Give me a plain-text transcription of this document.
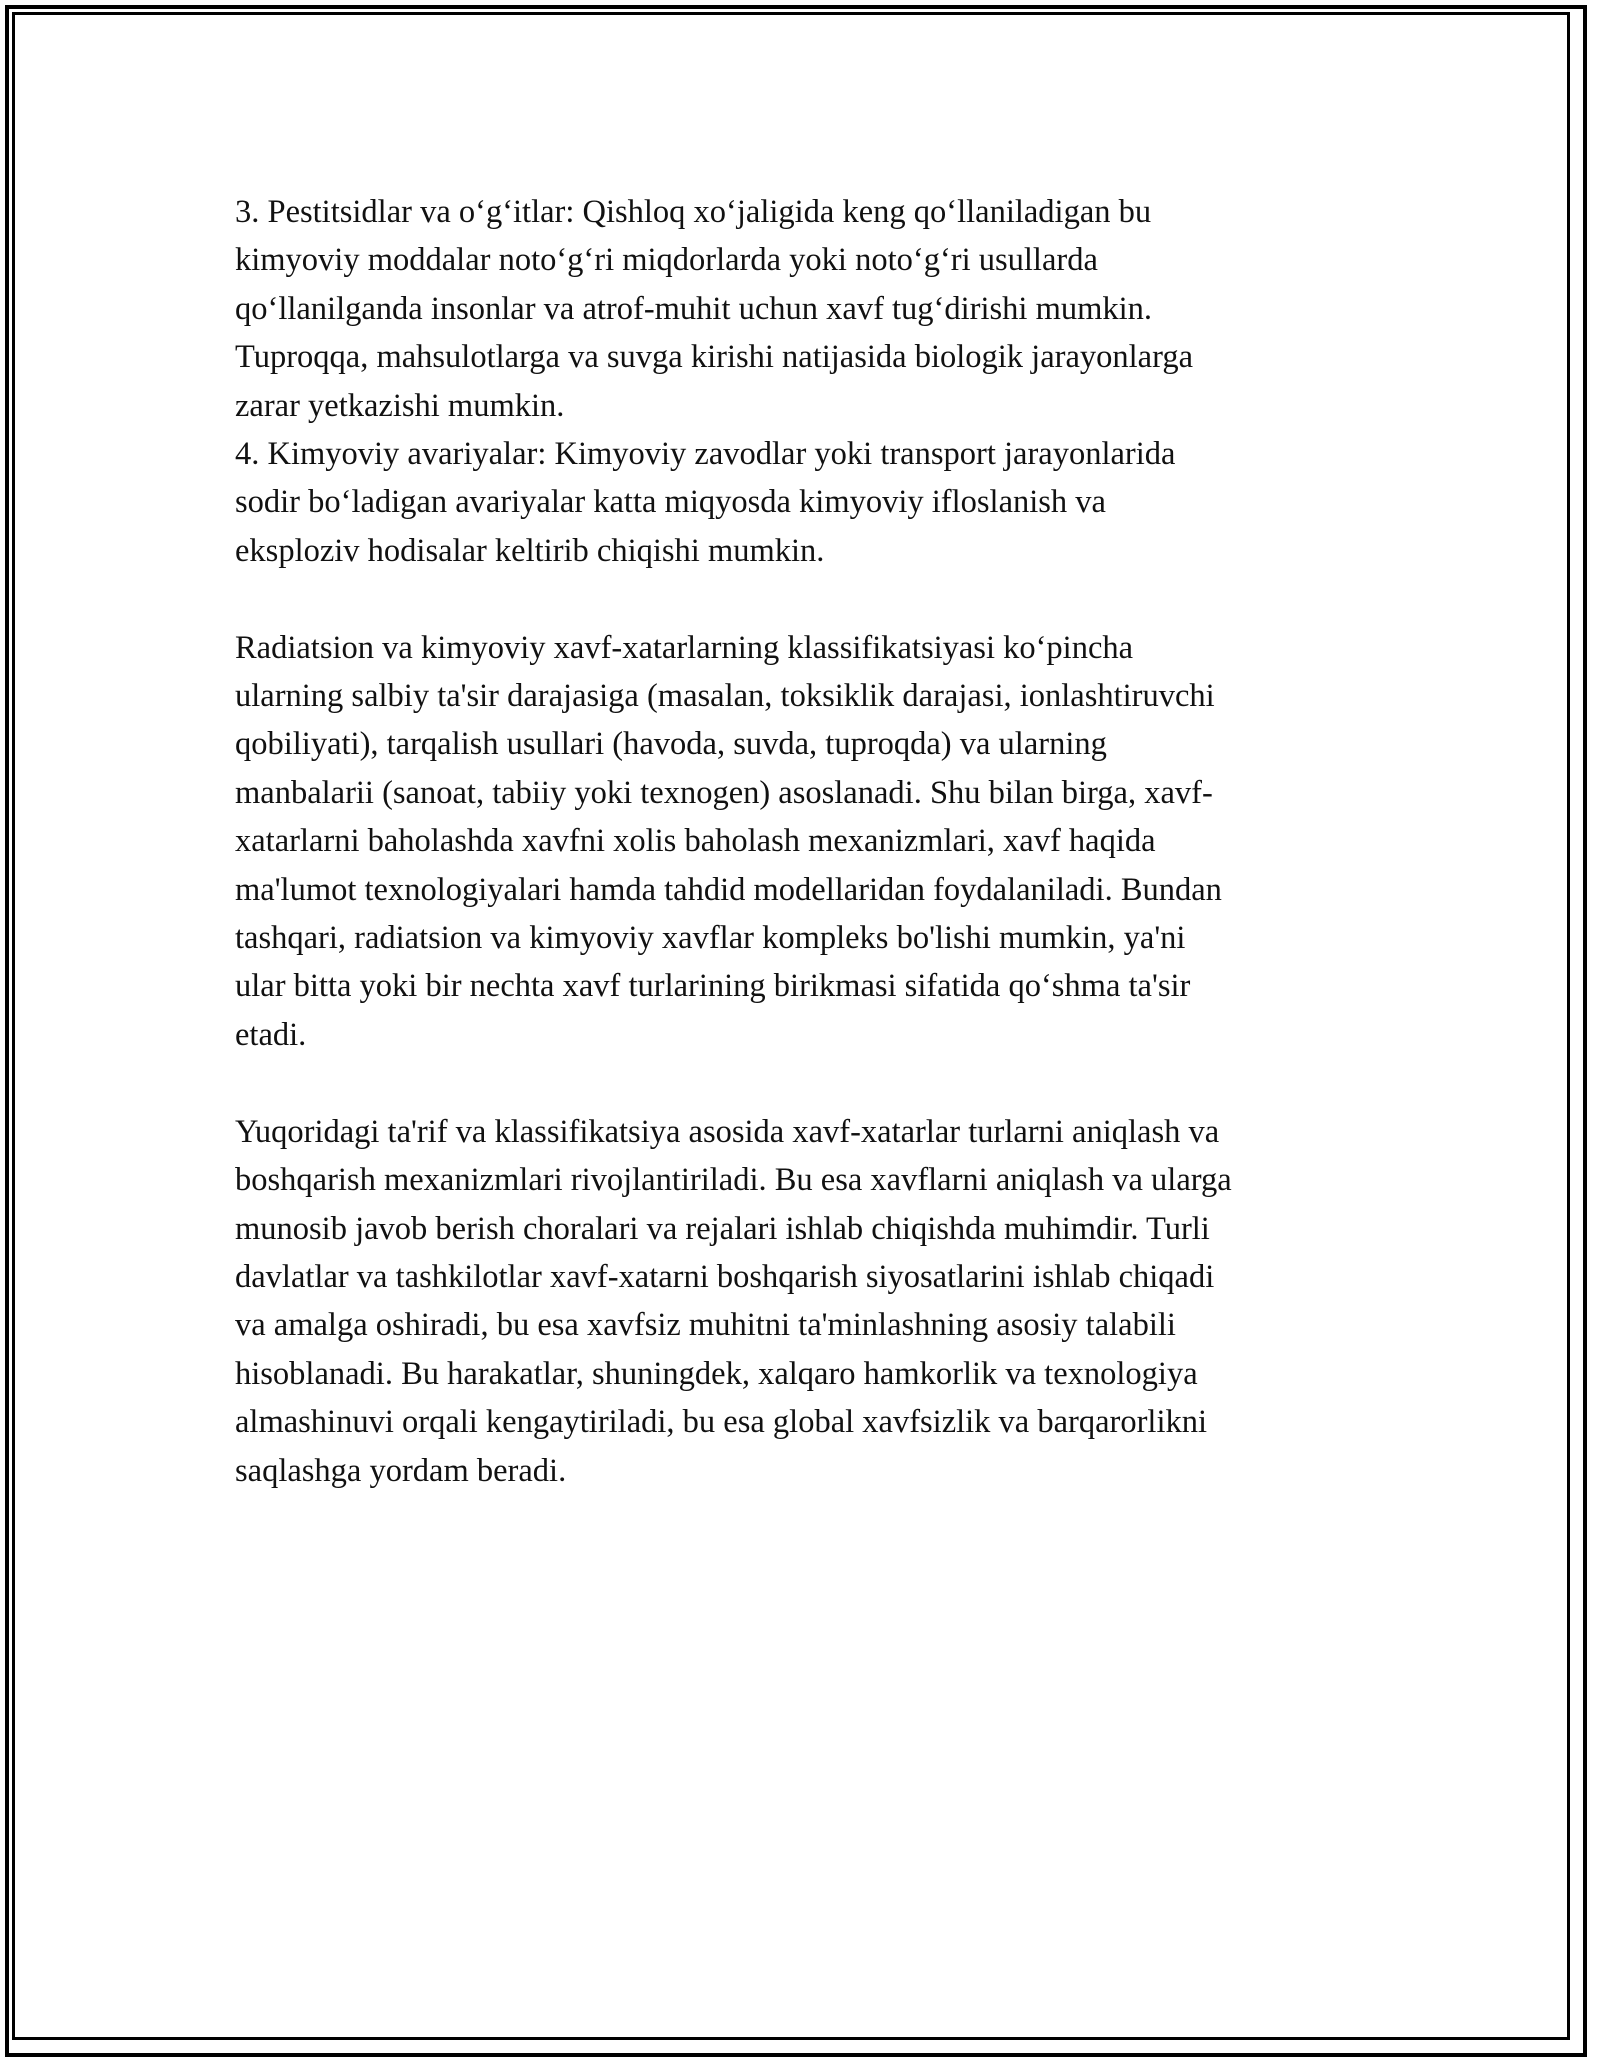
3. Pestitsidlar va o‘g‘itlar: Qishloq xo‘jaligida keng qo‘llaniladigan bu

kimyoviy moddalar noto‘g‘ri miqdorlarda yoki noto‘g‘ri usullarda

qo‘llanilganda insonlar va atrof-muhit uchun xavf tug‘dirishi mumkin.

Tuproqqa, mahsulotlarga va suvga kirishi natijasida biologik jarayonlarga

zarar yetkazishi mumkin.

4. Kimyoviy avariyalar: Kimyoviy zavodlar yoki transport jarayonlarida

sodir bo‘ladigan avariyalar katta miqyosda kimyoviy ifloslanish va

eksploziv hodisalar keltirib chiqishi mumkin.

Radiatsion va kimyoviy xavf-xatarlarning klassifikatsiyasi ko‘pincha

ularning salbiy ta'sir darajasiga (masalan, toksiklik darajasi, ionlashtiruvchi

qobiliyati), tarqalish usullari (havoda, suvda, tuproqda) va ularning

manbalarii (sanoat, tabiiy yoki texnogen) asoslanadi. Shu bilan birga, xavf-

xatarlarni baholashda xavfni xolis baholash mexanizmlari, xavf haqida

ma'lumot texnologiyalari hamda tahdid modellaridan foydalaniladi. Bundan

tashqari, radiatsion va kimyoviy xavflar kompleks bo'lishi mumkin, ya'ni

ular bitta yoki bir nechta xavf turlarining birikmasi sifatida qo‘shma ta'sir

etadi.

Yuqoridagi ta'rif va klassifikatsiya asosida xavf-xatarlar turlarni aniqlash va

boshqarish mexanizmlari rivojlantiriladi. Bu esa xavflarni aniqlash va ularga

munosib javob berish choralari va rejalari ishlab chiqishda muhimdir. Turli

davlatlar va tashkilotlar xavf-xatarni boshqarish siyosatlarini ishlab chiqadi

va amalga oshiradi, bu esa xavfsiz muhitni ta'minlashning asosiy talabili

hisoblanadi. Bu harakatlar, shuningdek, xalqaro hamkorlik va texnologiya

almashinuvi orqali kengaytiriladi, bu esa global xavfsizlik va barqarorlikni

saqlashga yordam beradi.
